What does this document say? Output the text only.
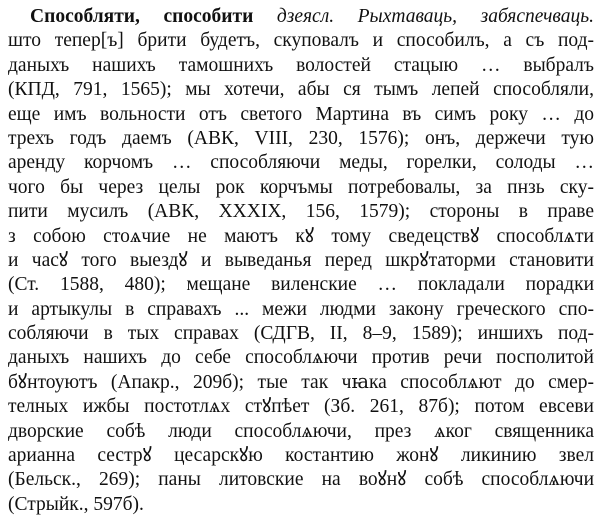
Способляти, способити дзеясл. Рыхтаваць, забяспечваць.
што тепер[ъ] брити будетъ, скуповалъ и способилъ, а съ под-
даныхъ нашихъ тамошнихъ волостей стацыю … выбралъ
(КПД, 791, 1565); мы хотечи, абы ся тымъ лепей способляли,
еще имъ вольности отъ светого Мартина въ симъ року … до
трехъ годъ даемъ (АВК, VIII, 230, 1576); онъ, держечи тую
аренду корчомъ … способляючи меды, горелки, солоды …
чого бы через целы рок корчъмы потребовалы, за пнзь ску-
пити мусилъ (АВК, XXXIX, 156, 1579); стороны в праве
з собою стоѧчие не маютъ кꙋ тому сведецствꙋ способлѧти
и часꙋ того выездꙋ и выведанья перед шкрꙋтаторми становити
(Ст. 1588, 480); мещане виленские … покладали порадки
и артыкулы в справахъ ... межи людми закону греческого спо-
собляючи в тых справах (СДГВ, II, 8–9, 1589); иншихъ под-
даныхъ нашихъ до себе способлѧючи против речи посполитой
бꙋнтоуютъ (Апакр., 209б); тые так чꙗка способлѧют до смер-
телных ижбы постотлѧх стꙋпѣет (Зб. 261, 87б); потом евсеви
дворские собѣ люди способлѧючи, през ѧког священника
арианна сестрꙋ цесарскꙋю костантию жонꙋ ликинию звел
(Бельск., 269); паны литовские на воꙋнꙋ собѣ способлѧючи
(Стрыйк., 597б).
